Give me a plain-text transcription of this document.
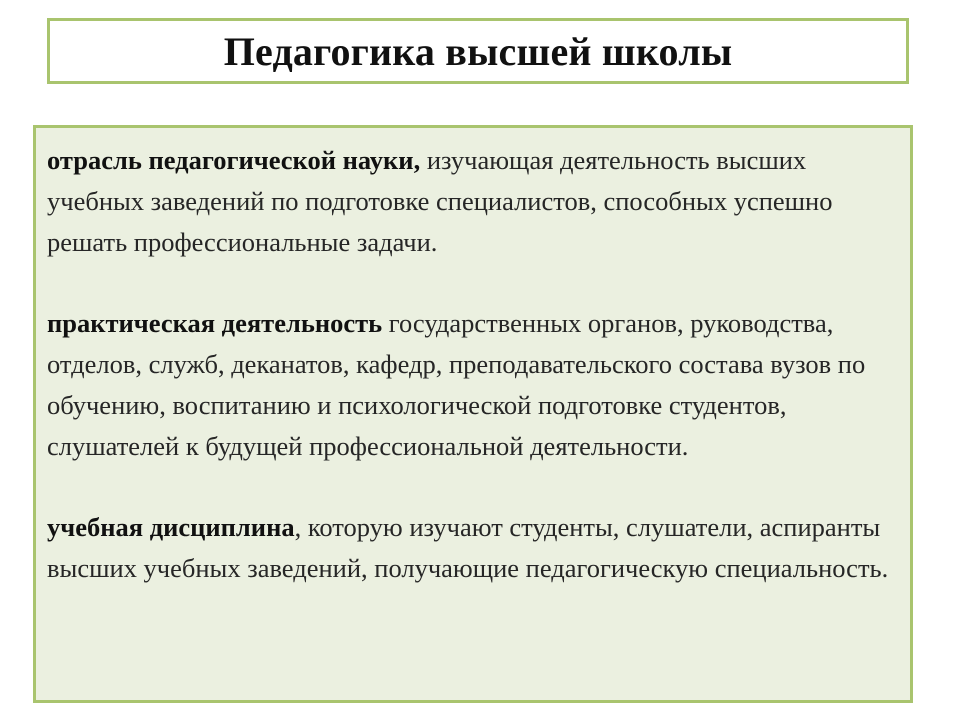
Педагогика высшей школы

отрасль педагогической науки, изучающая деятельность высших учебных заведений по подготовке специалистов, способных успешно решать профессиональные задачи.

практическая деятельность государственных органов, руководства, отделов, служб, деканатов, кафедр, преподавательского состава вузов по обучению, воспитанию и психологической подготовке студентов, слушателей к будущей профессиональной деятельности.

учебная дисциплина, которую изучают студенты, слушатели, аспиранты высших учебных заведений, получающие педагогическую специальность.
